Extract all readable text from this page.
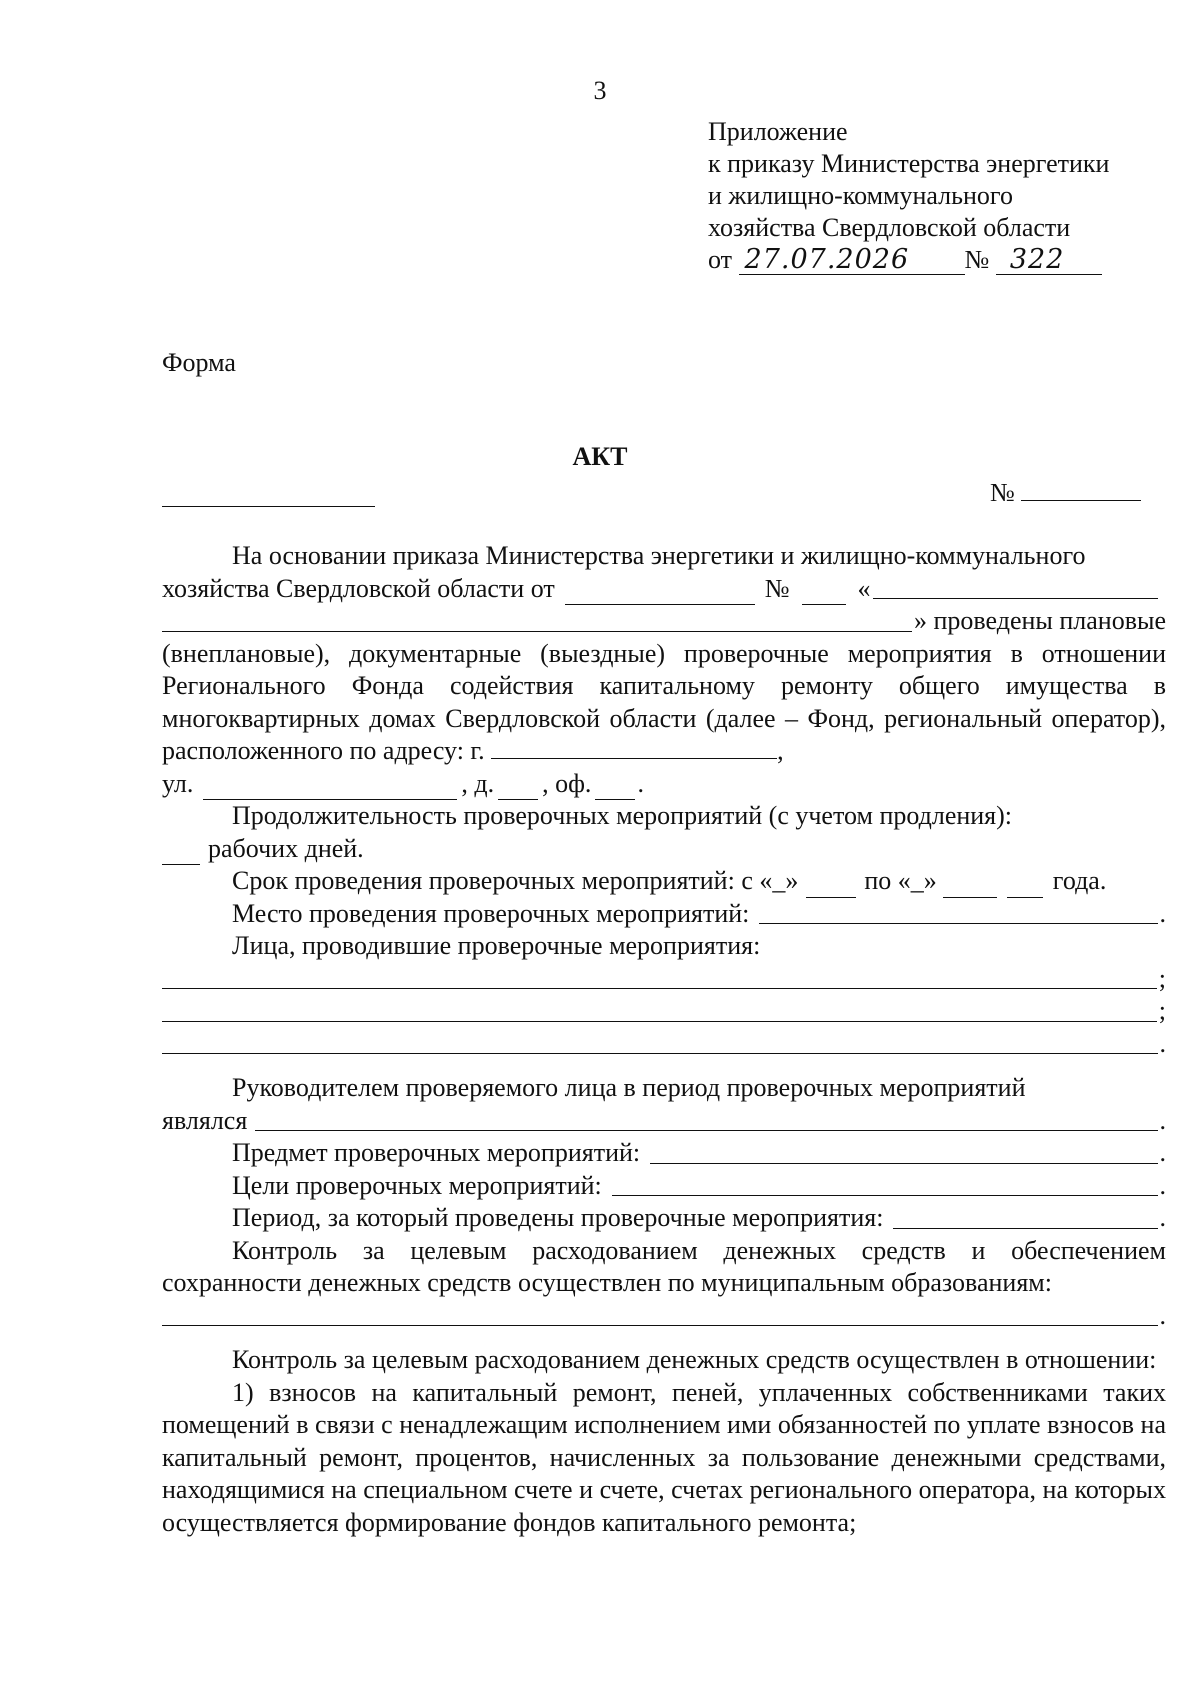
3
Приложение
к приказу Министерства энергетики
и жилищно-коммунального
хозяйства Свердловской области
от 27.07.2026 № 322
Форма
АКТ
№

На основании приказа Министерства энергетики и жилищно-коммунального

хозяйства Свердловской области от	№	«
» проведены плановые

(внеплановые), документарные (выездные) проверочные мероприятия в отношении Регионального Фонда содействия капитальному ремонту общего имущества в многоквартирных домах Свердловской области (далее – Фонд, региональный оператор), расположенного по адресу: г.	,

ул.	, д. , оф. .

Продолжительность проверочных мероприятий (с учетом продления):

рабочих дней.
Срок проведения проверочных мероприятий: с «_»	по «_»	года.
Место проведения проверочных мероприятий:	.

Лица, проводившие проверочные мероприятия:

;
;
.

Руководителем проверяемого лица в период проверочных мероприятий

являлся	.
Предмет проверочных мероприятий:	.
Цели проверочных мероприятий:	.
Период, за который проведены проверочные мероприятия:	.

Контроль за целевым расходованием денежных средств и обеспечением сохранности денежных средств осуществлен по муниципальным образованиям:

.

Контроль за целевым расходованием денежных средств осуществлен в отношении:

1) взносов на капитальный ремонт, пеней, уплаченных собственниками таких помещений в связи с ненадлежащим исполнением ими обязанностей по уплате взносов на капитальный ремонт, процентов, начисленных за пользование денежными средствами, находящимися на специальном счете и счете, счетах регионального оператора, на которых осуществляется формирование фондов капитального ремонта;
